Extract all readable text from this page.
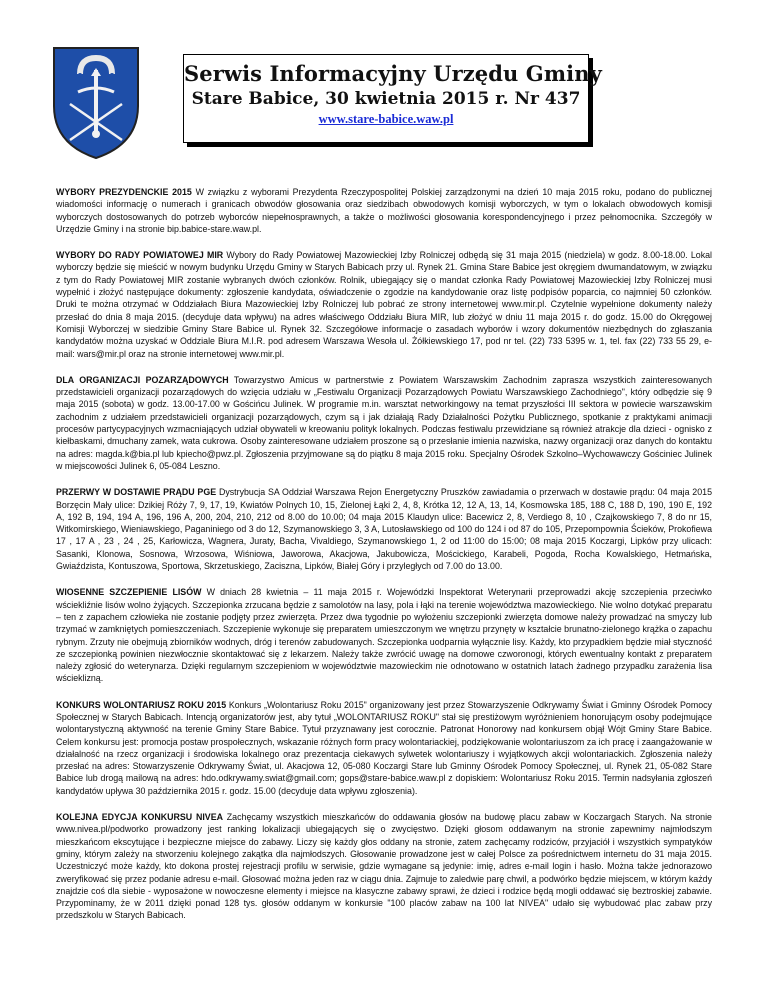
Serwis Informacyjny Urzędu Gminy
Stare Babice, 30 kwietnia 2015 r. Nr 437
www.stare-babice.waw.pl

WYBORY PREZYDENCKIE 2015 W związku z wyborami Prezydenta Rzeczypospolitej Polskiej zarządzonymi na dzień 10 maja 2015 roku, podano do publicznej wiadomości informację o numerach i granicach obwodów głosowania oraz siedzibach obwodowych komisji wyborczych, w tym o lokalach obwodowych komisji wyborczych dostosowanych do potrzeb wyborców niepełnosprawnych, a także o możliwości głosowania korespondencyjnego i przez pełnomocnika. Szczegóły w Urzędzie Gminy i na stronie bip.babice-stare.waw.pl.

WYBORY DO RADY POWIATOWEJ MIR Wybory do Rady Powiatowej Mazowieckiej Izby Rolniczej odbędą się 31 maja 2015 (niedziela) w godz. 8.00-18.00. Lokal wyborczy będzie się mieścić w nowym budynku Urzędu Gminy w Starych Babicach przy ul. Rynek 21. Gmina Stare Babice jest okręgiem dwumandatowym, w związku z tym do Rady Powiatowej MIR zostanie wybranych dwóch członków. Rolnik, ubiegający się o mandat członka Rady Powiatowej Mazowieckiej Izby Rolniczej musi wypełnić i złożyć następujące dokumenty: zgłoszenie kandydata, oświadczenie o zgodzie na kandydowanie oraz listę podpisów poparcia, co najmniej 50 członków. Druki te można otrzymać w Oddziałach Biura Mazowieckiej Izby Rolniczej lub pobrać ze strony internetowej www.mir.pl. Czytelnie wypełnione dokumenty należy przesłać do dnia 8 maja 2015. (decyduje data wpływu) na adres właściwego Oddziału Biura MIR, lub złożyć w dniu 11 maja 2015 r. do godz. 15.00 do Okręgowej Komisji Wyborczej w siedzibie Gminy Stare Babice ul. Rynek 32. Szczegółowe informacje o zasadach wyborów i wzory dokumentów niezbędnych do zgłaszania kandydatów można uzyskać w Oddziale Biura M.I.R. pod adresem Warszawa Wesoła ul. Żółkiewskiego 17, pod nr tel. (22) 733 5395 w. 1, tel. fax (22) 733 55 29, e-mail: wars@mir.pl oraz na stronie internetowej www.mir.pl.

DLA ORGANIZACJI POZARZĄDOWYCH Towarzystwo Amicus w partnerstwie z Powiatem Warszawskim Zachodnim zaprasza wszystkich zainteresowanych przedstawicieli organizacji pozarządowych do wzięcia udziału w „Festiwalu Organizacji Pozarządowych Powiatu Warszawskiego Zachodniego", który odbędzie się 9 maja 2015 (sobota) w godz. 13.00-17.00 w Gościńcu Julinek. W programie m.in. warsztat networkingowy na temat przyszłości III sektora w powiecie warszawskim zachodnim z udziałem przedstawicieli organizacji pozarządowych, czym są i jak działają Rady Działalności Pożytku Publicznego, spotkanie z praktykami animacji procesów partycypacyjnych wzmacniających udział obywateli w kreowaniu polityk lokalnych. Podczas festiwalu przewidziane są również atrakcje dla dzieci - ognisko z kiełbaskami, dmuchany zamek, wata cukrowa. Osoby zainteresowane udziałem proszone są o przesłanie imienia nazwiska, nazwy organizacji oraz danych do kontaktu na adres: magda.k@bia.pl lub kpiecho@pwz.pl. Zgłoszenia przyjmowane są do piątku 8 maja 2015 roku. Specjalny Ośrodek Szkolno–Wychowawczy Gościniec Julinek w miejscowości Julinek 6, 05-084 Leszno.

PRZERWY W DOSTAWIE PRĄDU PGE Dystrybucja SA Oddział Warszawa Rejon Energetyczny Pruszków zawiadamia o przerwach w dostawie prądu: 04 maja 2015 Borzęcin Mały ulice: Dzikiej Róży 7, 9, 17, 19, Kwiatów Polnych 10, 15, Zielonej Łąki 2, 4, 8, Krótka 12, 12 A, 13, 14, Kosmowska 185, 188 C, 188 D, 190, 190 E, 192 A, 192 B, 194, 194 A, 196, 196 A, 200, 204, 210, 212 od 8.00 do 10.00; 04 maja 2015 Klaudyn ulice: Bacewicz 2, 8, Verdiego 8, 10 , Czajkowskiego 7, 8 do nr 15, Witkomirskiego, Wieniawskiego, Paganiniego od 3 do 12, Szymanowskiego 3, 3 A, Lutosławskiego od 100 do 124 i od 87 do 105, Przepompownia Ścieków, Prokofiewa 17 , 17 A , 23 , 24 , 25, Karłowicza, Wagnera, Juraty, Bacha, Vivaldiego, Szymanowskiego 1, 2 od 11:00 do 15:00; 08 maja 2015 Koczargi, Lipków przy ulicach: Sasanki, Klonowa, Sosnowa, Wrzosowa, Wiśniowa, Jaworowa, Akacjowa, Jakubowicza, Mościckiego, Karabeli, Pogoda, Rocha Kowalskiego, Hetmańska, Gwiaździsta, Kontuszowa, Sportowa, Skrzetuskiego, Zaciszna, Lipków, Białej Góry i przyległych od 7.00 do 13.00.

WIOSENNE SZCZEPIENIE LISÓW W dniach 28 kwietnia – 11 maja 2015 r. Wojewódzki Inspektorat Weterynarii przeprowadzi akcję szczepienia przeciwko wściekliźnie lisów wolno żyjących. Szczepionka zrzucana będzie z samolotów na lasy, pola i łąki na terenie województwa mazowieckiego. Nie wolno dotykać preparatu – ten z zapachem człowieka nie zostanie podjęty przez zwierzęta. Przez dwa tygodnie po wyłożeniu szczepionki zwierzęta domowe należy prowadzać na smyczy lub trzymać w zamkniętych pomieszczeniach. Szczepienie wykonuje się preparatem umieszczonym we wnętrzu przynęty w kształcie brunatno-zielonego krążka o zapachu rybnym. Zrzuty nie obejmują zbiorników wodnych, dróg i terenów zabudowanych. Szczepionka uodparnia wyłącznie lisy. Każdy, kto przypadkiem będzie miał styczność ze szczepionką powinien niezwłocznie skontaktować się z lekarzem. Należy także zwrócić uwagę na domowe czworonogi, których ewentualny kontakt z preparatem należy zgłosić do weterynarza. Dzięki regularnym szczepieniom w województwie mazowieckim nie odnotowano w ostatnich latach żadnego przypadku zarażenia lisa wścieklizną.

KONKURS WOLONTARIUSZ ROKU 2015 Konkurs „Wolontariusz Roku 2015" organizowany jest przez Stowarzyszenie Odkrywamy Świat i Gminny Ośrodek Pomocy Społecznej w Starych Babicach. Intencją organizatorów jest, aby tytuł „WOLONTARIUSZ ROKU" stał się prestiżowym wyróżnieniem honorującym osoby podejmujące wolontarystyczną aktywność na terenie Gminy Stare Babice. Tytuł przyznawany jest corocznie. Patronat Honorowy nad konkursem objął Wójt Gminy Stare Babice. Celem konkursu jest: promocja postaw prospołecznych, wskazanie różnych form pracy wolontariackiej, podziękowanie wolontariuszom za ich pracę i zaangażowanie w działalność na rzecz organizacji i środowiska lokalnego oraz prezentacja ciekawych sylwetek wolontariuszy i wyjątkowych akcji wolontariackich. Zgłoszenia należy przesłać na adres: Stowarzyszenie Odkrywamy Świat, ul. Akacjowa 12, 05-080 Koczargi Stare lub Gminny Ośrodek Pomocy Społecznej, ul. Rynek 21, 05-082 Stare Babice lub drogą mailową na adres: hdo.odkrywamy.swiat@gmail.com; gops@stare-babice.waw.pl z dopiskiem: Wolontariusz Roku 2015. Termin nadsyłania zgłoszeń kandydatów upływa 30 października 2015 r. godz. 15.00 (decyduje data wpływu zgłoszenia).

KOLEJNA EDYCJA KONKURSU NIVEA Zachęcamy wszystkich mieszkańców do oddawania głosów na budowę placu zabaw w Koczargach Starych. Na stronie www.nivea.pl/podworko prowadzony jest ranking lokalizacji ubiegających się o zwycięstwo. Dzięki głosom oddawanym na stronie zapewnimy najmłodszym mieszkańcom ekscytujące i bezpieczne miejsce do zabawy. Liczy się każdy głos oddany na stronie, zatem zachęcamy rodziców, przyjaciół i wszystkich sympatyków gminy, którym zależy na stworzeniu kolejnego zakątka dla najmłodszych. Głosowanie prowadzone jest w całej Polsce za pośrednictwem internetu do 31 maja 2015. Uczestniczyć może każdy, kto dokona prostej rejestracji profilu w serwisie, gdzie wymagane są jedynie: imię, adres e-mail login i hasło. Można także jednorazowo zweryfikować się przez podanie adresu e-mail. Głosować można jeden raz w ciągu dnia. Zajmuje to zaledwie parę chwil, a podwórko będzie miejscem, w którym każdy znajdzie coś dla siebie - wyposażone w nowoczesne elementy i miejsce na klasyczne zabawy sprawi, że dzieci i rodzice będą mogli oddawać się beztroskiej zabawie. Przypominamy, że w 2011 dzięki ponad 128 tys. głosów oddanym w konkursie "100 placów zabaw na 100 lat NIVEA" udało się wybudować plac zabaw przy przedszkolu w Starych Babicach.
